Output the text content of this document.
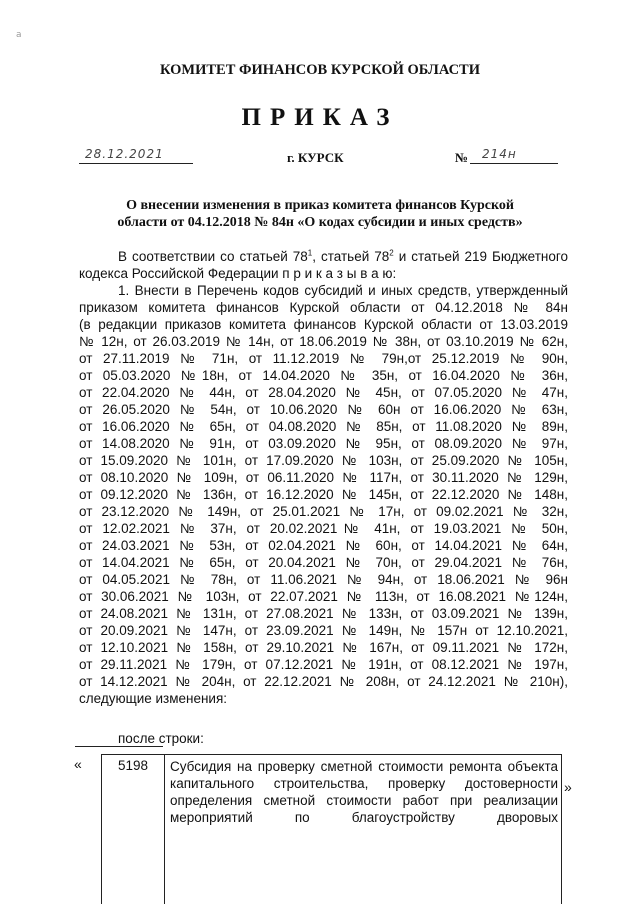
a
КОМИТЕТ ФИНАНСОВ КУРСКОЙ ОБЛАСТИ
ПРИКАЗ
28.12.2021	г. КУРСК	№ 214н
О внесении изменения в приказ комитета финансов Курской
области от 04.12.2018 № 84н «О кодах субсидии и иных средств»
В соответствии со статьей $78^1$, статьей $78^2$ и статьей 219 Бюджетного
кодекса Российской Федерации п р и к а з ы в а ю:
1. Внести в Перечень кодов субсидий и иных средств, утвержденный
приказом комитета финансов Курской области от 04.12.2018 № 84н
(в редакции приказов комитета финансов Курской области от 13.03.2019
№ 12н, от 26.03.2019 № 14н, от 18.06.2019 № 38н, от 03.10.2019 № 62н,
от 27.11.2019 № 71н, от 11.12.2019 № 79н,от 25.12.2019 № 90н,
от 05.03.2020 №18н, от 14.04.2020 № 35н, от 16.04.2020 № 36н,
от 22.04.2020 № 44н, от 28.04.2020 № 45н, от 07.05.2020 № 47н,
от 26.05.2020 № 54н, от 10.06.2020 № 60н от 16.06.2020 № 63н,
от 16.06.2020 № 65н, от 04.08.2020 № 85н, от 11.08.2020 № 89н,
от 14.08.2020 № 91н, от 03.09.2020 № 95н, от 08.09.2020 № 97н,
от 15.09.2020 № 101н, от 17.09.2020 № 103н, от 25.09.2020 № 105н,
от 08.10.2020 № 109н, от 06.11.2020 № 117н, от 30.11.2020 № 129н,
от 09.12.2020 № 136н, от 16.12.2020 № 145н, от 22.12.2020 № 148н,
от 23.12.2020 № 149н, от 25.01.2021 № 17н, от 09.02.2021 № 32н,
от 12.02.2021 № 37н, от 20.02.2021№ 41н, от 19.03.2021 № 50н,
от 24.03.2021 № 53н, от 02.04.2021 № 60н, от 14.04.2021 № 64н,
от 14.04.2021 № 65н, от 20.04.2021 № 70н, от 29.04.2021 № 76н,
от 04.05.2021 № 78н, от 11.06.2021 № 94н, от 18.06.2021 № 96н
от 30.06.2021 № 103н, от 22.07.2021 № 113н, от 16.08.2021 №124н,
от 24.08.2021 № 131н, от 27.08.2021 № 133н, от 03.09.2021 № 139н,
от 20.09.2021 № 147н, от 23.09.2021 № 149н, № 157н от 12.10.2021,
от 12.10.2021 № 158н, от 29.10.2021 № 167н, от 09.11.2021 № 172н,
от 29.11.2021 № 179н, от 07.12.2021 № 191н, от 08.12.2021 № 197н,
от 14.12.2021 № 204н, от 22.12.2021 № 208н, от 24.12.2021 № 210н),
следующие изменения:
после строки:
«	5198	Субсидия на проверку сметной стоимости ремонта объекта
капитального строительства, проверку достоверности
определения сметной стоимости работ при реализации
мероприятий по благоустройству дворовых
»
